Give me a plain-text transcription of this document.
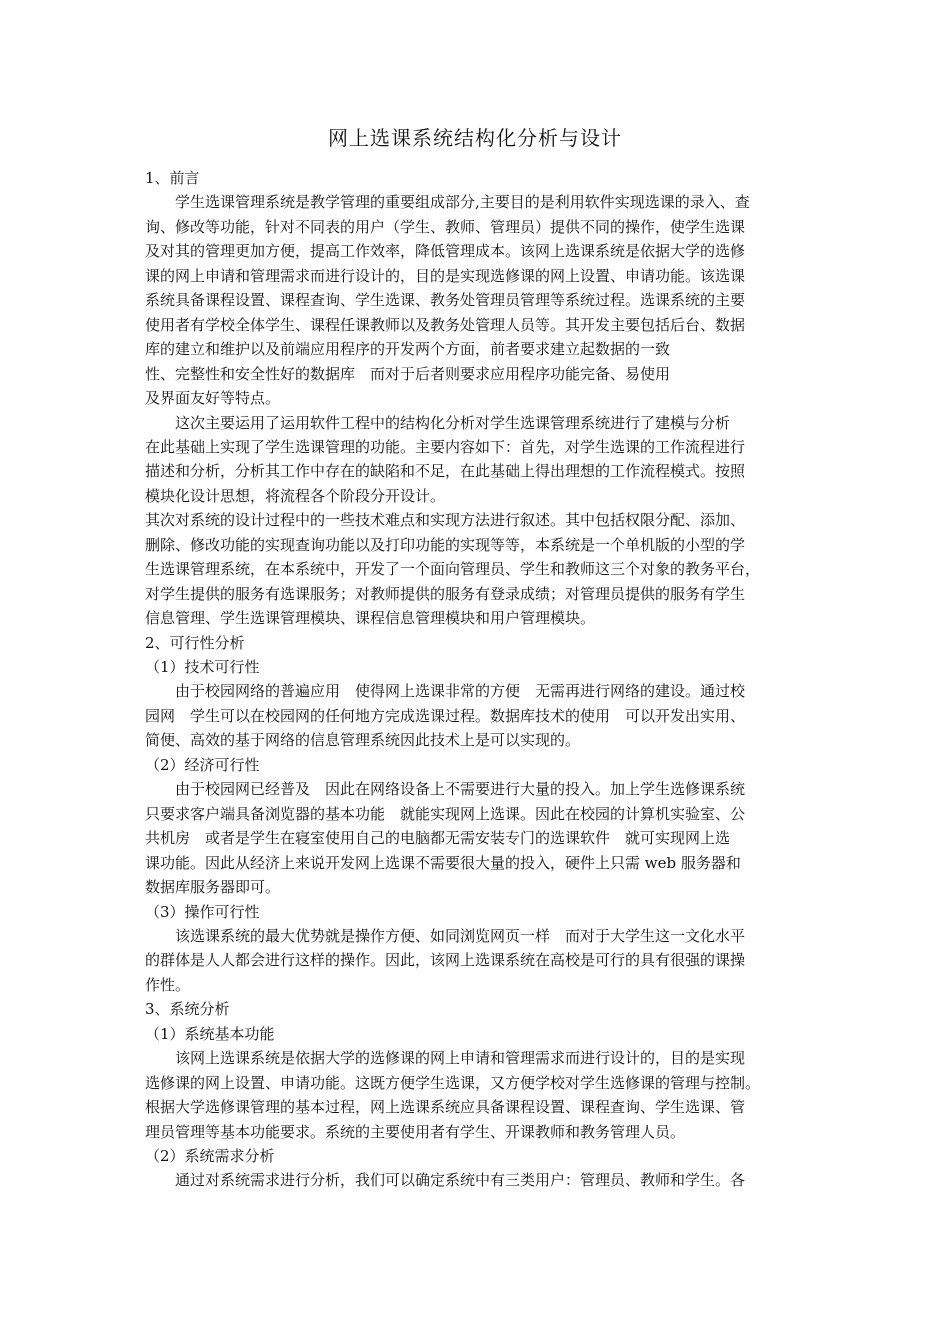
网上选课系统结构化分析与设计
1、前言
　　学生选课管理系统是教学管理的重要组成部分,主要目的是利用软件实现选课的录入、查
询、修改等功能，针对不同表的用户（学生、教师、管理员）提供不同的操作，使学生选课
及对其的管理更加方便，提高工作效率，降低管理成本。该网上选课系统是依据大学的选修
课的网上申请和管理需求而进行设计的，目的是实现选修课的网上设置、申请功能。该选课
系统具备课程设置、课程查询、学生选课、教务处管理员管理等系统过程。选课系统的主要
使用者有学校全体学生、课程任课教师以及教务处管理人员等。其开发主要包括后台、数据
库的建立和维护以及前端应用程序的开发两个方面，前者要求建立起数据的一致
性、完整性和安全性好的数据库　而对于后者则要求应用程序功能完备、易使用
及界面友好等特点。
　　这次主要运用了运用软件工程中的结构化分析对学生选课管理系统进行了建模与分析
在此基础上实现了学生选课管理的功能。主要内容如下：首先，对学生选课的工作流程进行
描述和分析，分析其工作中存在的缺陷和不足，在此基础上得出理想的工作流程模式。按照
模块化设计思想，将流程各个阶段分开设计。
其次对系统的设计过程中的一些技术难点和实现方法进行叙述。其中包括权限分配、添加、
删除、修改功能的实现查询功能以及打印功能的实现等等，本系统是一个单机版的小型的学
生选课管理系统，在本系统中，开发了一个面向管理员、学生和教师这三个对象的教务平台，
对学生提供的服务有选课服务；对教师提供的服务有登录成绩；对管理员提供的服务有学生
信息管理、学生选课管理模块、课程信息管理模块和用户管理模块。
2、可行性分析
（1）技术可行性
　　由于校园网络的普遍应用　使得网上选课非常的方便　无需再进行网络的建设。通过校
园网　学生可以在校园网的任何地方完成选课过程。数据库技术的使用　可以开发出实用、
简便、高效的基于网络的信息管理系统因此技术上是可以实现的。
（2）经济可行性
　　由于校园网已经普及　因此在网络设备上不需要进行大量的投入。加上学生选修课系统
只要求客户端具备浏览器的基本功能　就能实现网上选课。因此在校园的计算机实验室、公
共机房　或者是学生在寝室使用自己的电脑都无需安装专门的选课软件　就可实现网上选
课功能。因此从经济上来说开发网上选课不需要很大量的投入，硬件上只需 web 服务器和
数据库服务器即可。
（3）操作可行性
　　该选课系统的最大优势就是操作方便、如同浏览网页一样　而对于大学生这一文化水平
的群体是人人都会进行这样的操作。因此，该网上选课系统在高校是可行的具有很强的课操
作性。
3、系统分析
（1）系统基本功能
　　该网上选课系统是依据大学的选修课的网上申请和管理需求而进行设计的，目的是实现
选修课的网上设置、申请功能。这既方便学生选课，又方便学校对学生选修课的管理与控制。
根据大学选修课管理的基本过程，网上选课系统应具备课程设置、课程查询、学生选课、管
理员管理等基本功能要求。系统的主要使用者有学生、开课教师和教务管理人员。
（2）系统需求分析
　　通过对系统需求进行分析，我们可以确定系统中有三类用户：管理员、教师和学生。各
